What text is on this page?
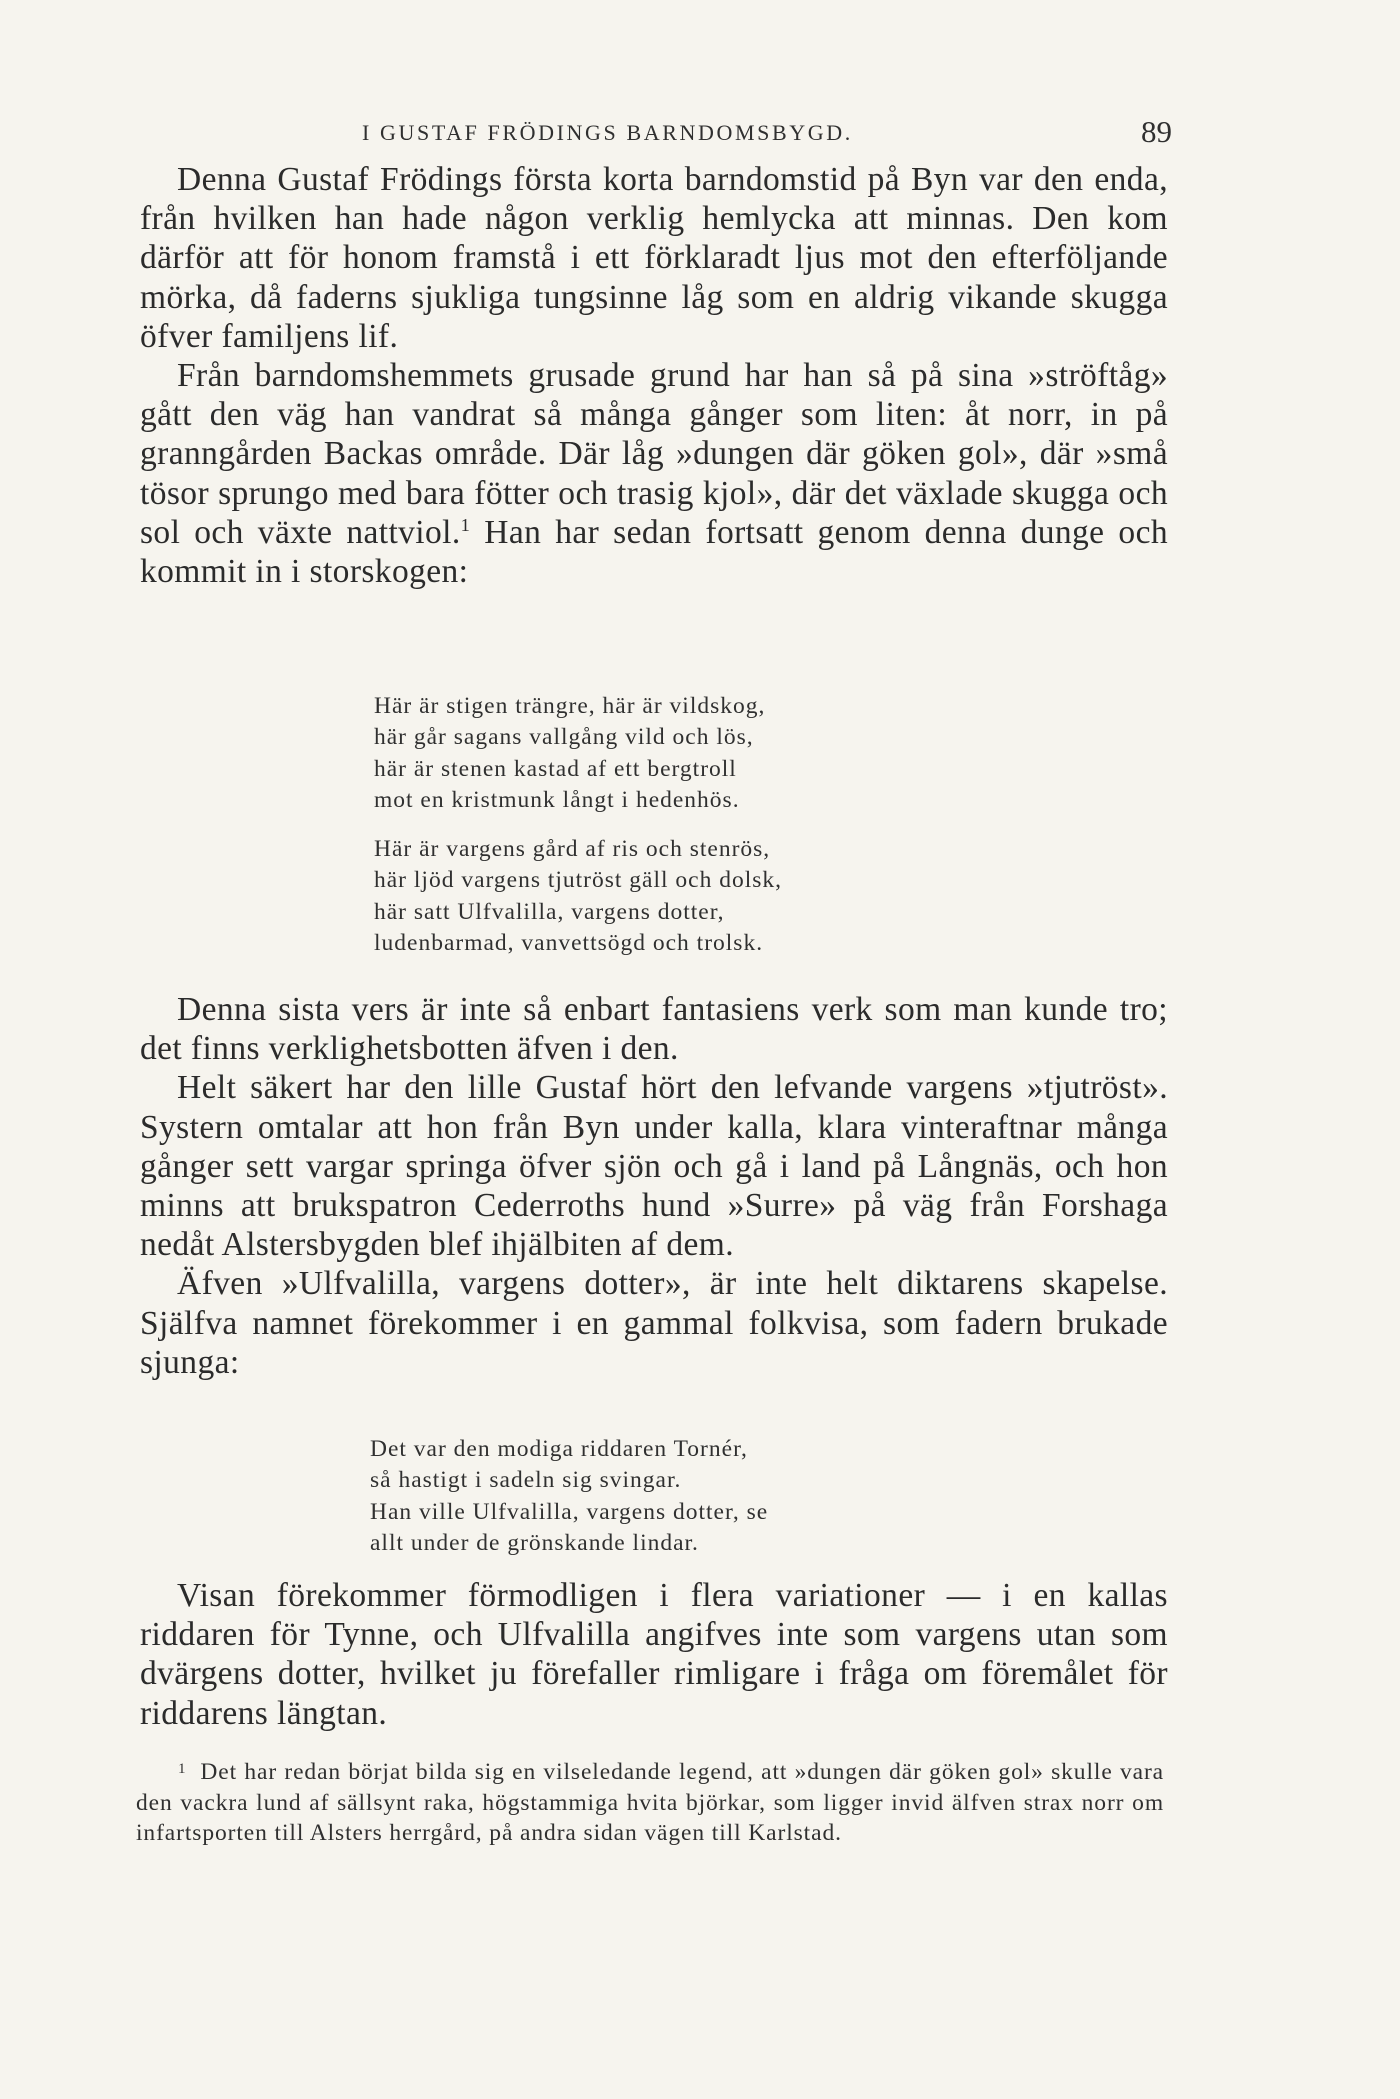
I GUSTAF FRÖDINGS BARNDOMSBYGD.	89

Denna Gustaf Frödings första korta barndomstid på Byn var den enda, från hvilken han hade någon verklig hemlycka att minnas. Den kom därför att för honom framstå i ett förklaradt ljus mot den efterföljande mörka, då faderns sjukliga tungsinne låg som en aldrig vikande skugga öfver familjens lif.

Från barndomshemmets grusade grund har han så på sina »ströftåg» gått den väg han vandrat så många gånger som liten: åt norr, in på granngården Backas område. Där låg »dungen där göken gol», där »små tösor sprungo med bara fötter och trasig kjol», där det växlade skugga och sol och växte nattviol.$^1$ Han har sedan fortsatt genom denna dunge och kommit in i storskogen:

Här är stigen trängre, här är vildskog,
här går sagans vallgång vild och lös,
här är stenen kastad af ett bergtroll
mot en kristmunk långt i hedenhös.
Här är vargens gård af ris och stenrös,
här ljöd vargens tjutröst gäll och dolsk,
här satt Ulfvalilla, vargens dotter,
ludenbarmad, vanvettsögd och trolsk.

Denna sista vers är inte så enbart fantasiens verk som man kunde tro; det finns verklighetsbotten äfven i den.

Helt säkert har den lille Gustaf hört den lefvande vargens »tjutröst». Systern omtalar att hon från Byn under kalla, klara vinteraftnar många gånger sett vargar springa öfver sjön och gå i land på Långnäs, och hon minns att brukspatron Cederroths hund »Surre» på väg från Forshaga nedåt Alstersbygden blef ihjälbiten af dem.

Äfven »Ulfvalilla, vargens dotter», är inte helt diktarens skapelse. Själfva namnet förekommer i en gammal folkvisa, som fadern brukade sjunga:

Det var den modiga riddaren Tornér,
så hastigt i sadeln sig svingar.
Han ville Ulfvalilla, vargens dotter, se
allt under de grönskande lindar.

Visan förekommer förmodligen i flera variationer — i en kallas riddaren för Tynne, och Ulfvalilla angifves inte som vargens utan som dvärgens dotter, hvilket ju förefaller rimligare i fråga om föremålet för riddarens längtan.

$^1$ Det har redan börjat bilda sig en vilseledande legend, att »dungen där göken gol» skulle vara den vackra lund af sällsynt raka, högstammiga hvita björkar, som ligger invid älfven strax norr om infartsporten till Alsters herrgård, på andra sidan vägen till Karlstad.
